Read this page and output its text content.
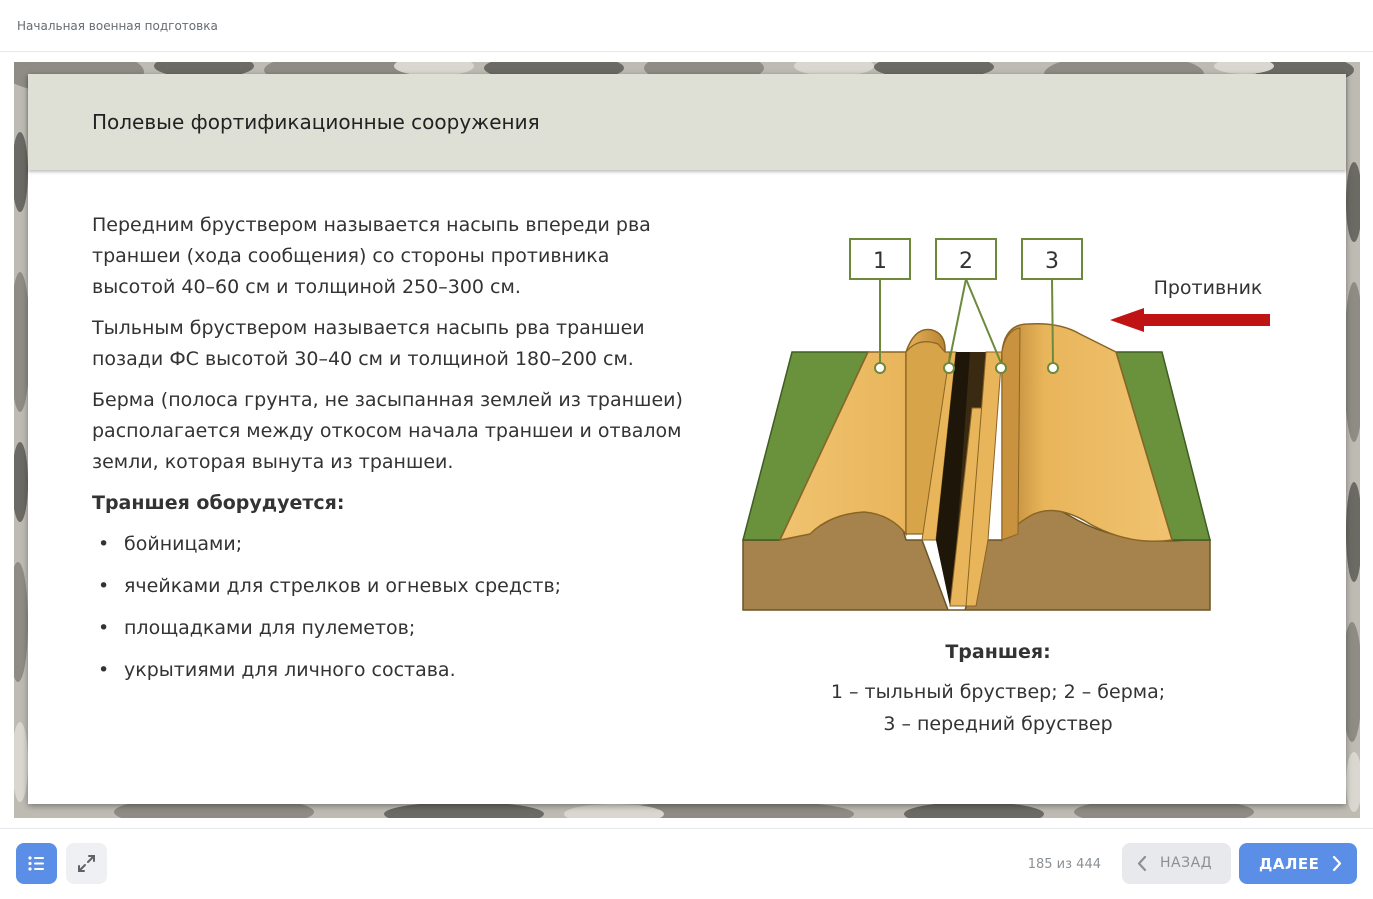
Начальная военная подготовка
Полевые фортификационные сооружения

Передним бруствером называется насыпь впереди рва траншеи (хода сообщения) со стороны противника высотой 40–60 см и толщиной 250–300 см.

Тыльным бруствером называется насыпь рва траншеи позади ФС высотой 30–40 см и толщиной 180–200 см.

Берма (полоса грунта, не засыпанная землей из траншеи) располагается между откосом начала траншеи и отвалом земли, которая вынута из траншеи.

Траншея оборудуется:
• бойницами;
• ячейками для стрелков и огневых средств;
• площадками для пулеметов;
• укрытиями для личного состава.
1	2	3
Противник
Траншея:
1 – тыльный бруствер; 2 – берма;
3 – передний бруствер
185 из 444	НАЗАД	ДАЛЕЕ
